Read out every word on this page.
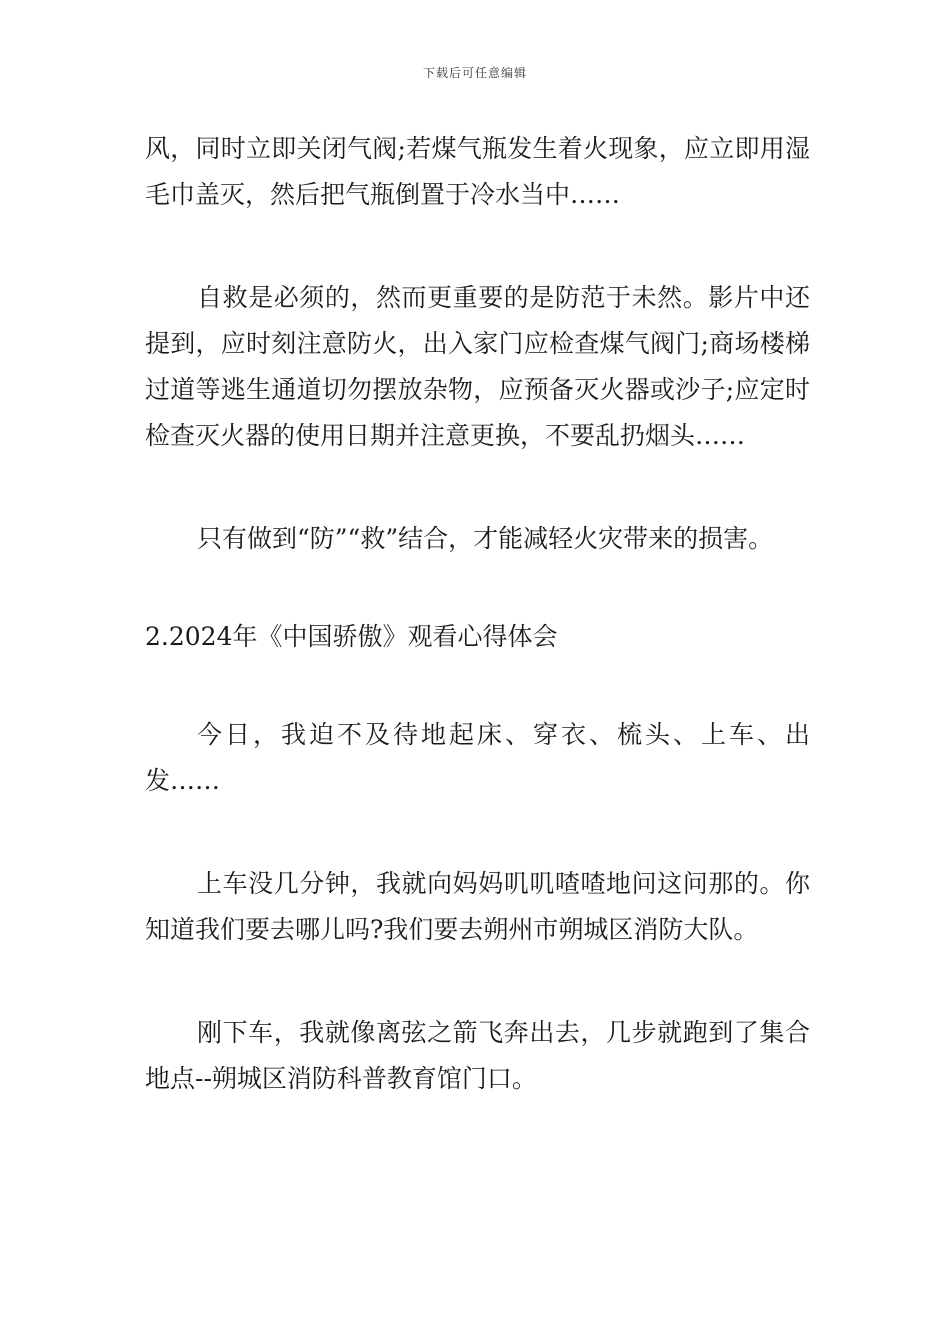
下载后可任意编辑

风，同时立即关闭气阀;若煤气瓶发生着火现象，应立即用湿毛巾盖灭，然后把气瓶倒置于冷水当中……

自救是必须的，然而更重要的是防范于未然。影片中还提到，应时刻注意防火，出入家门应检查煤气阀门;商场楼梯过道等逃生通道切勿摆放杂物，应预备灭火器或沙子;应定时检查灭火器的使用日期并注意更换，不要乱扔烟头……

只有做到“防”“救”结合，才能减轻火灾带来的损害。

2.2024年《中国骄傲》观看心得体会

今日，我迫不及待地起床、穿衣、梳头、上车、出发……

上车没几分钟，我就向妈妈叽叽喳喳地问这问那的。你知道我们要去哪儿吗?我们要去朔州市朔城区消防大队。

刚下车，我就像离弦之箭飞奔出去，几步就跑到了集合地点--朔城区消防科普教育馆门口。
